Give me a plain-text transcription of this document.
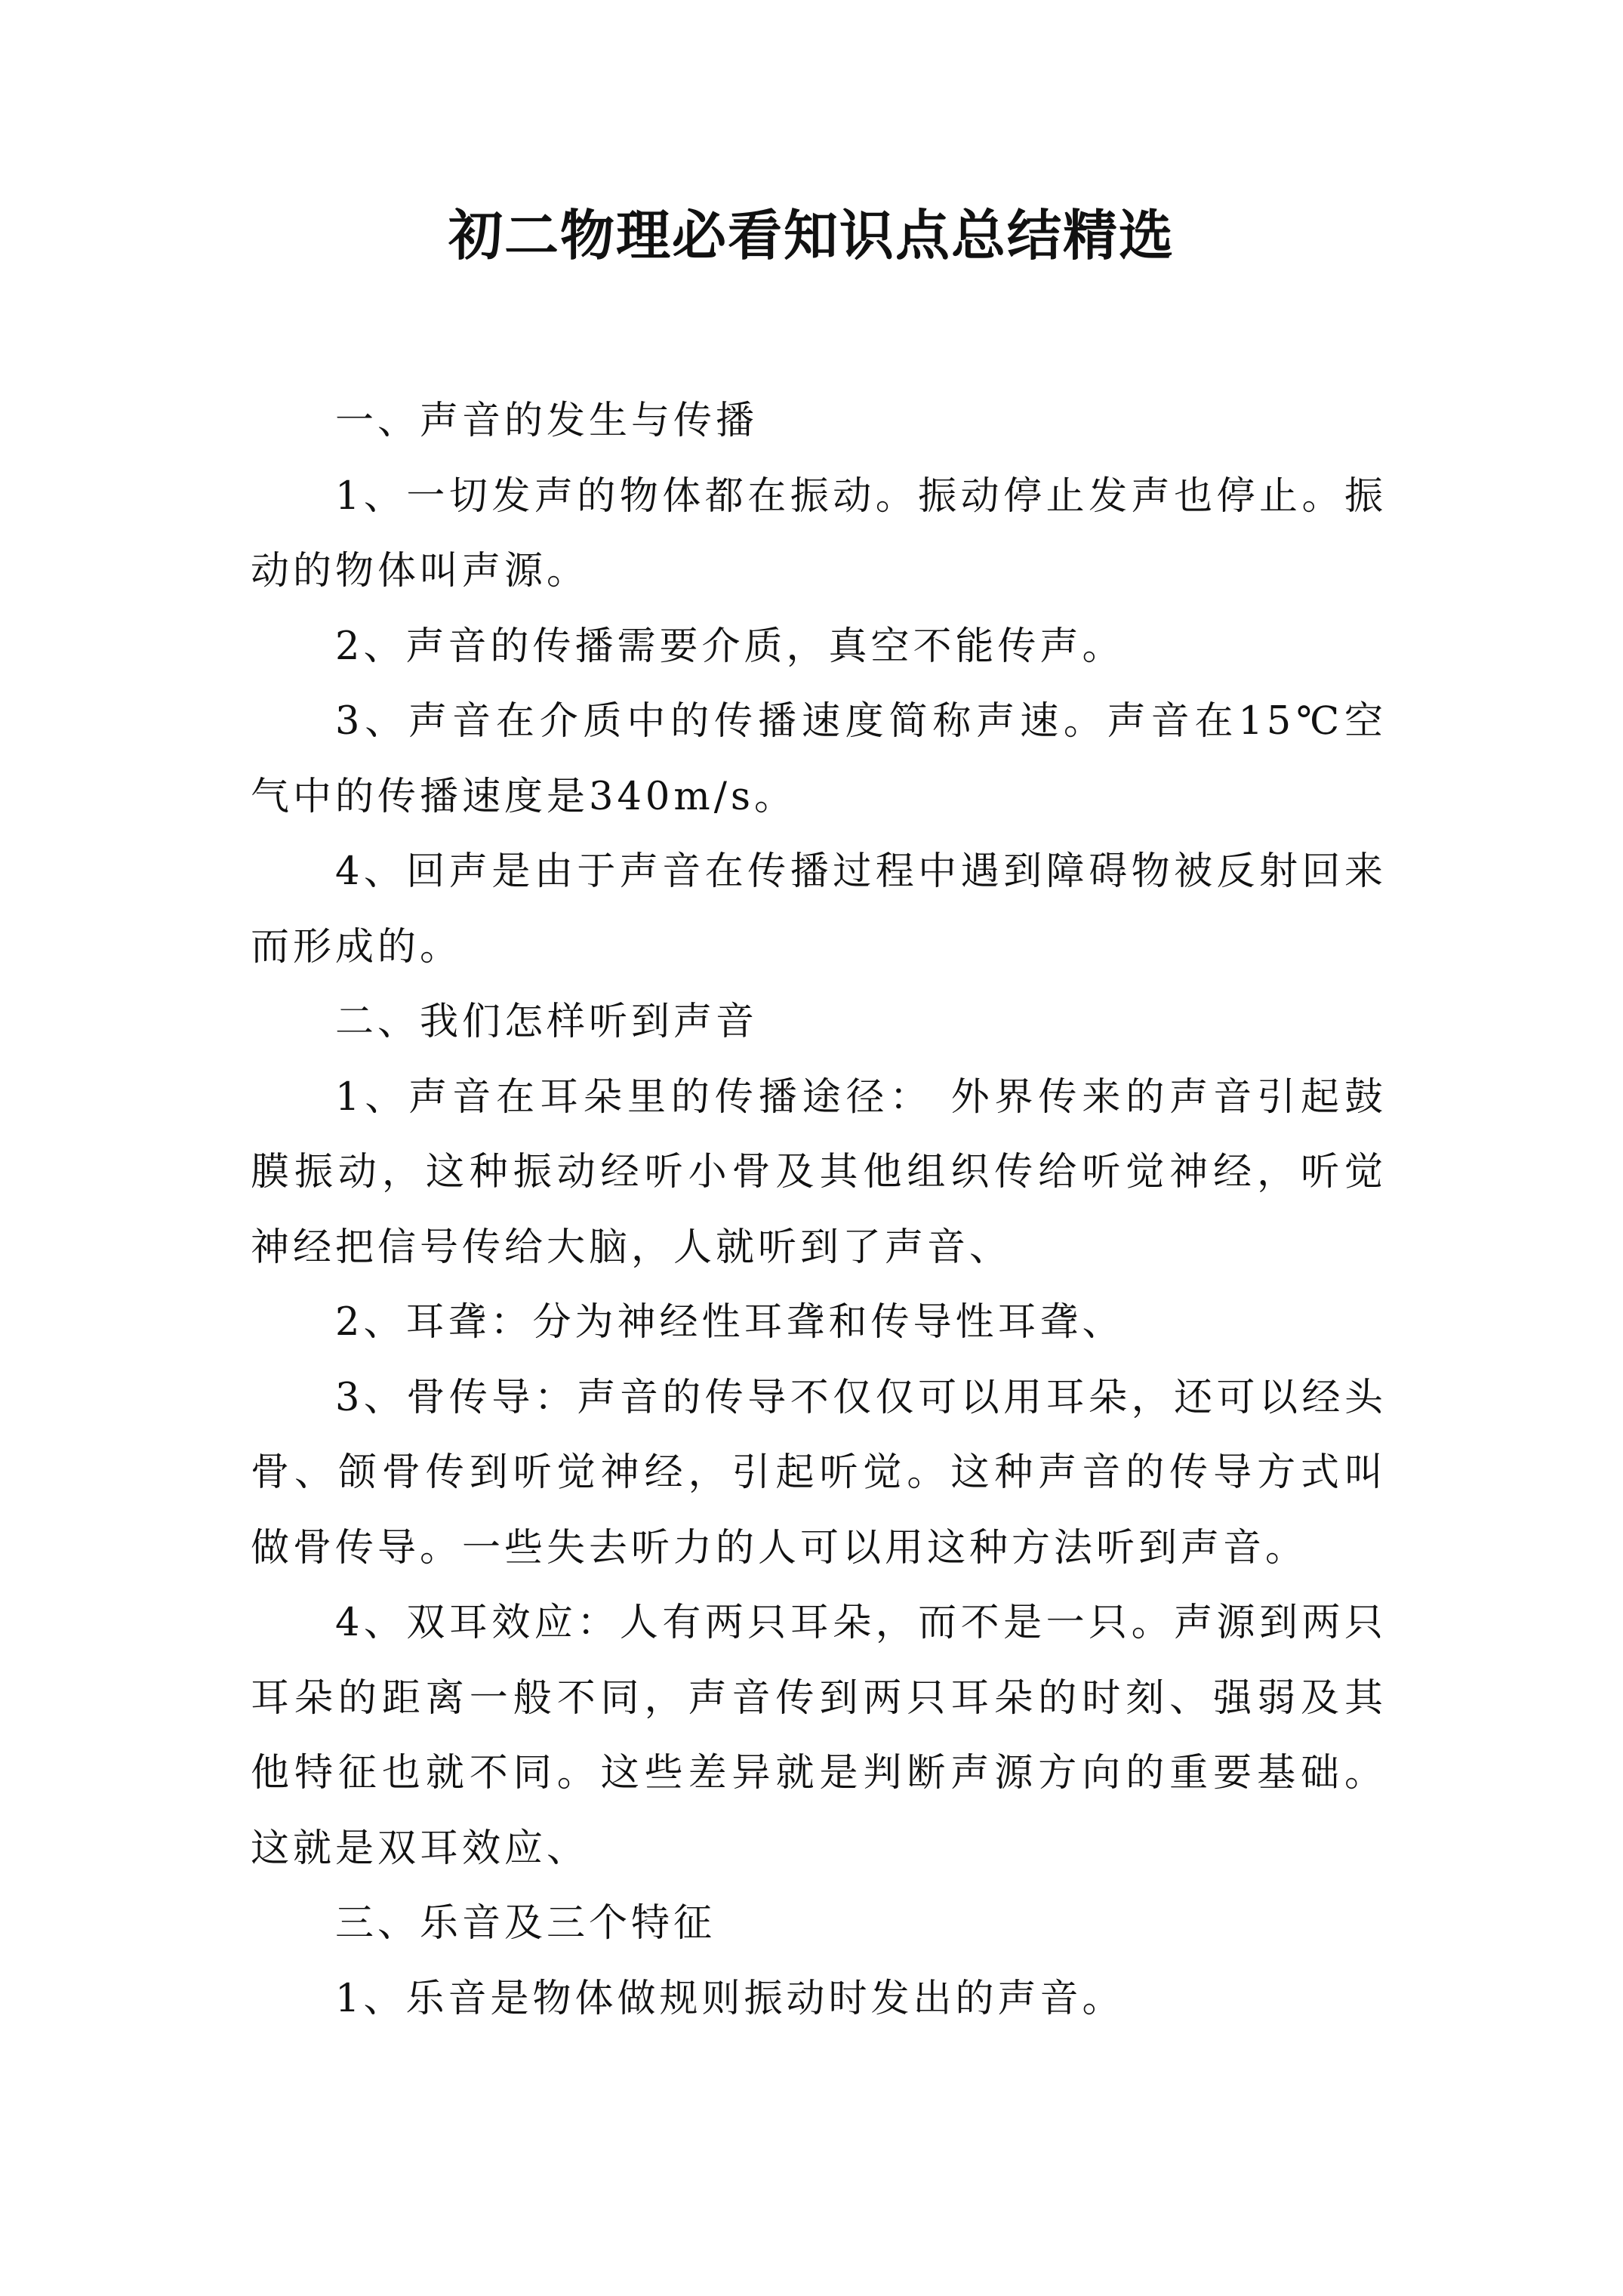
初二物理必看知识点总结精选

一、声音的发生与传播

1、一切发声的物体都在振动。振动停止发声也停止。振动的物体叫声源。

2、声音的传播需要介质，真空不能传声。

3、声音在介质中的传播速度简称声速。声音在15℃空气中的传播速度是340m/s。

4、回声是由于声音在传播过程中遇到障碍物被反射回来而形成的。

二、我们怎样听到声音

1、声音在耳朵里的传播途径： 外界传来的声音引起鼓膜振动，这种振动经听小骨及其他组织传给听觉神经，听觉神经把信号传给大脑，人就听到了声音、

2、耳聋：分为神经性耳聋和传导性耳聋、

3、骨传导：声音的传导不仅仅可以用耳朵，还可以经头骨、颌骨传到听觉神经，引起听觉。这种声音的传导方式叫做骨传导。一些失去听力的人可以用这种方法听到声音。

4、双耳效应：人有两只耳朵，而不是一只。声源到两只耳朵的距离一般不同，声音传到两只耳朵的时刻、强弱及其他特征也就不同。这些差异就是判断声源方向的重要基础。这就是双耳效应、

三、乐音及三个特征

1、乐音是物体做规则振动时发出的声音。
